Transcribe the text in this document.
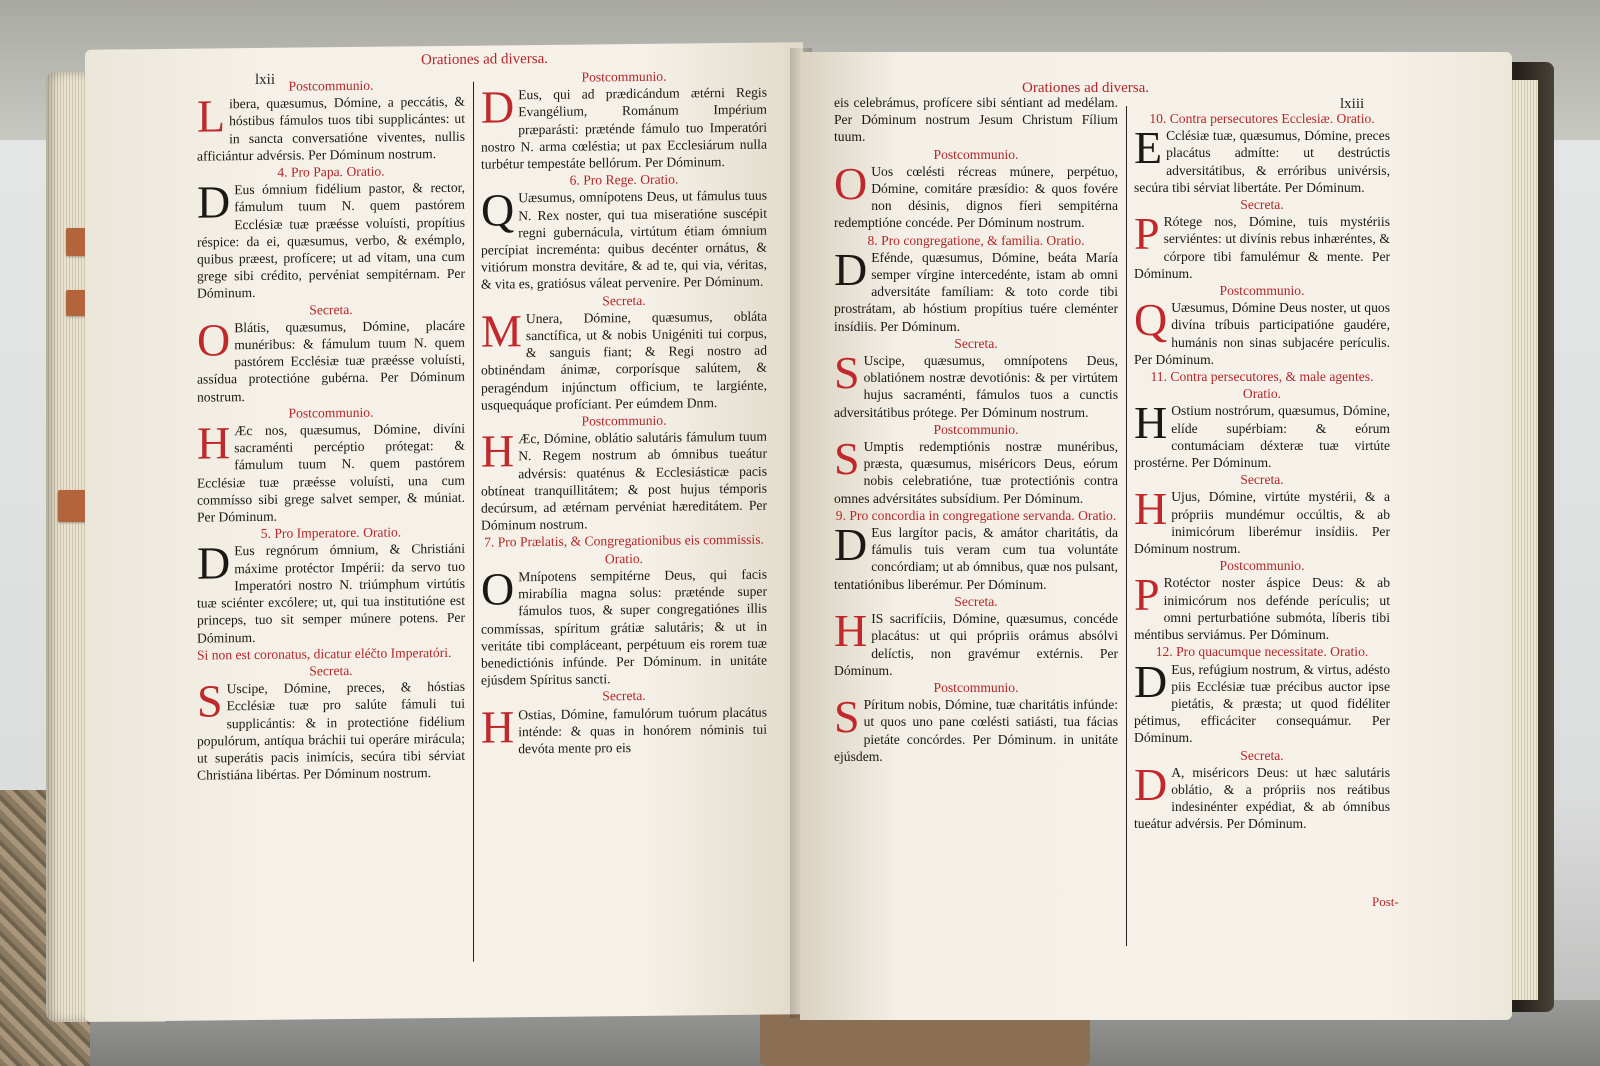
Orationes ad diversa.
lxii Postcommunio.

Libera, quæsumus, Dómine, a peccátis, & hóstibus fámulos tuos tibi supplicántes: ut in sancta conversatióne viventes, nullis afficiántur advérsis. Per Dóminum nostrum.

4. Pro Papa. Oratio.

D Eus ómnium fidélium pastor, & rector, fámulum tuum N. quem pastórem Ecclésiæ tuæ præésse voluísti, propítius réspice: da ei, quæsumus, verbo, & exémplo, quibus præest, profícere; ut ad vitam, una cum grege sibi crédito, pervéniat sempitérnam. Per Dóminum.

Secreta.

O Blátis, quæsumus, Dómine, placáre munéribus: & fámulum tuum N. quem pastórem Ecclésiæ tuæ præésse voluísti, assídua protectióne gubérna. Per Dóminum nostrum.

Postcommunio.

H Æc nos, quæsumus, Dómine, divíni sacraménti percéptio prótegat: & fámulum tuum N. quem pastórem Ecclésiæ tuæ præésse voluísti, una cum commísso sibi grege salvet semper, & múniat. Per Dóminum.

5. Pro Imperatore. Oratio.

D Eus regnórum ómnium, & Christiáni máxime protéctor Impérii: da servo tuo Imperatóri nostro N. triúmphum virtútis tuæ sciénter excólere; ut, qui tua institutióne est princeps, tuo sit semper múnere potens. Per Dóminum.

Si non est coronatus, dicatur eléčto Imperatóri.

Secreta.

S Uscipe, Dómine, preces, & hóstias Ecclésiæ tuæ pro salúte fámuli tui supplicántis: & in protectióne fidélium populórum, antíqua bráchii tui operáre mirácula; ut superátis pacis inimícis, secúra tibi sérviat Christiána libértas. Per Dóminum nostrum.

Postcommunio.

D Eus, qui ad prædicándum ætérni Regis Evangélium, Románum Impérium præparásti: præténde fámulo tuo Imperatóri nostro N. arma cœléstia; ut pax Ecclesiárum nulla turbétur tempestáte bellórum. Per Dóminum.

6. Pro Rege. Oratio.

Q Uæsumus, omnípotens Deus, ut fámulus tuus N. Rex noster, qui tua miseratióne suscépit regni gubernácula, virtútum étiam ómnium percípiat increménta: quibus decénter ornátus, & vitiórum monstra devitáre, & ad te, qui via, véritas, & vita es, gratiósus váleat pervenire. Per Dóminum.

Secreta.

M Unera, Dómine, quæsumus, obláta sanctífica, ut & nobis Unigéniti tui corpus, & sanguis fiant; & Regi nostro ad obtinéndam ánimæ, corporísque salútem, & peragéndum injúnctum officium, te largiénte, usquequáque profíciant. Per eúmdem Dnm.

Postcommunio.

H Æc, Dómine, oblátio salutáris fámulum tuum N. Regem nostrum ab ómnibus tueátur advérsis: quaténus & Ecclesiásticæ pacis obtíneat tranquillitátem; & post hujus témporis decúrsum, ad ætérnam pervéniat hæreditátem. Per Dóminum nostrum.

7. Pro Prælatis, & Congregationibus eis commissis. Oratio.

O Mnípotens sempitérne Deus, qui facis mirabília magna solus: præténde super fámulos tuos, & super congregatiónes illis commíssas, spíritum grátiæ salutáris; & ut in veritáte tibi compláceant, perpétuum eis rorem tuæ benedictiónis infúnde. Per Dóminum. in unitáte ejúsdem Spíritus sancti.

Secreta.

H Ostias, Dómine, famulórum tuórum placátus inténde: & quas in honórem nóminis tui devóta mente pro eis

Orationes ad diversa.
lxiii

eis celebrámus, profícere sibi séntiant ad medélam. Per Dóminum nostrum Jesum Christum Fílium tuum.

Postcommunio.

O Uos cœlésti récreas múnere, perpétuo, Dómine, comitáre præsídio: & quos fovére non désinis, dignos fíeri sempitérna redemptióne concéde. Per Dóminum nostrum.

8. Pro congregatione, & familia. Oratio.

D Eféndе, quæsumus, Dómine, beáta María semper vírgine intercedénte, istam ab omni adversitáte famíliam: & toto corde tibi prostrátam, ab hóstium propítius tuére cleménter insídiis. Per Dóminum.

Secreta.

S Uscipe, quæsumus, omnípotens Deus, oblatiónem nostræ devotiónis: & per virtútem hujus sacraménti, fámulos tuos a cunctis adversitátibus prótege. Per Dóminum nostrum.

Postcommunio.

S Umptis redemptiónis nostræ munéribus, præsta, quæsumus, miséricors Deus, eórum nobis celebratióne, tuæ protectiónis contra omnes advérsitátes subsídium. Per Dóminum.

9. Pro concordia in congregatione servanda. Oratio.

D Eus largítor pacis, & amátor charitátis, da fámulis tuis veram cum tua voluntáte concórdiam; ut ab ómnibus, quæ nos pulsant, tentatiónibus liberémur. Per Dóminum.

Secreta.

HIS sacrifíciis, Dómine, quæsumus, concéde placátus: ut qui própriis orámus absólvi delíctis, non gravémur extérnis. Per Dóminum.

Postcommunio.

S Píritum nobis, Dómine, tuæ charitátis infúnde: ut quos uno pane cœlésti satiásti, tua fácias pietáte concórdes. Per Dóminum. in unitáte ejúsdem.

10. Contra persecutores Ecclesiæ. Oratio.

E Cclésiæ tuæ, quæsumus, Dómine, preces placátus admítte: ut destrúctis adversitátibus, & erróribus univérsis, secúra tibi sérviat libertáte. Per Dóminum.

Secreta.

P Rótege nos, Dómine, tuis mystériis serviéntes: ut divínis rebus inhæréntes, & córpore tibi famulémur & mente. Per Dóminum.

Postcommunio.

Q Uæsumus, Dómine Deus noster, ut quos divína tríbuis participatióne gaudére, humánis non sinas subjacére perículis. Per Dóminum.

11. Contra persecutores, & male agentes. Oratio.

H Ostium nostrórum, quæsumus, Dómine, elíde supérbiam: & eórum contumáciam déxteræ tuæ virtúte prostérne. Per Dóminum.

Secreta.

H Ujus, Dómine, virtúte mystérii, & a própriis mundémur occúltis, & ab inimicórum liberémur insídiis. Per Dóminum nostrum.

Postcommunio.

P Rotéctor noster áspice Deus: & ab inimicórum nos defénde perículis; ut omni perturbatióne submóta, líberis tibi méntibus serviámus. Per Dóminum.

12. Pro quacumque necessitate. Oratio.

D Eus, refúgium nostrum, & virtus, adésto piis Ecclésiæ tuæ précibus auctor ipse pietátis, & præsta; ut quod fidéliter pétimus, efficáciter consequámur. Per Dóminum.

Secreta.

D A, miséricors Deus: ut hæc salutáris oblátio, & a própriis nos reátibus indesinénter expédiat, & ab ómnibus tueátur advérsis. Per Dóminum.

Post-
